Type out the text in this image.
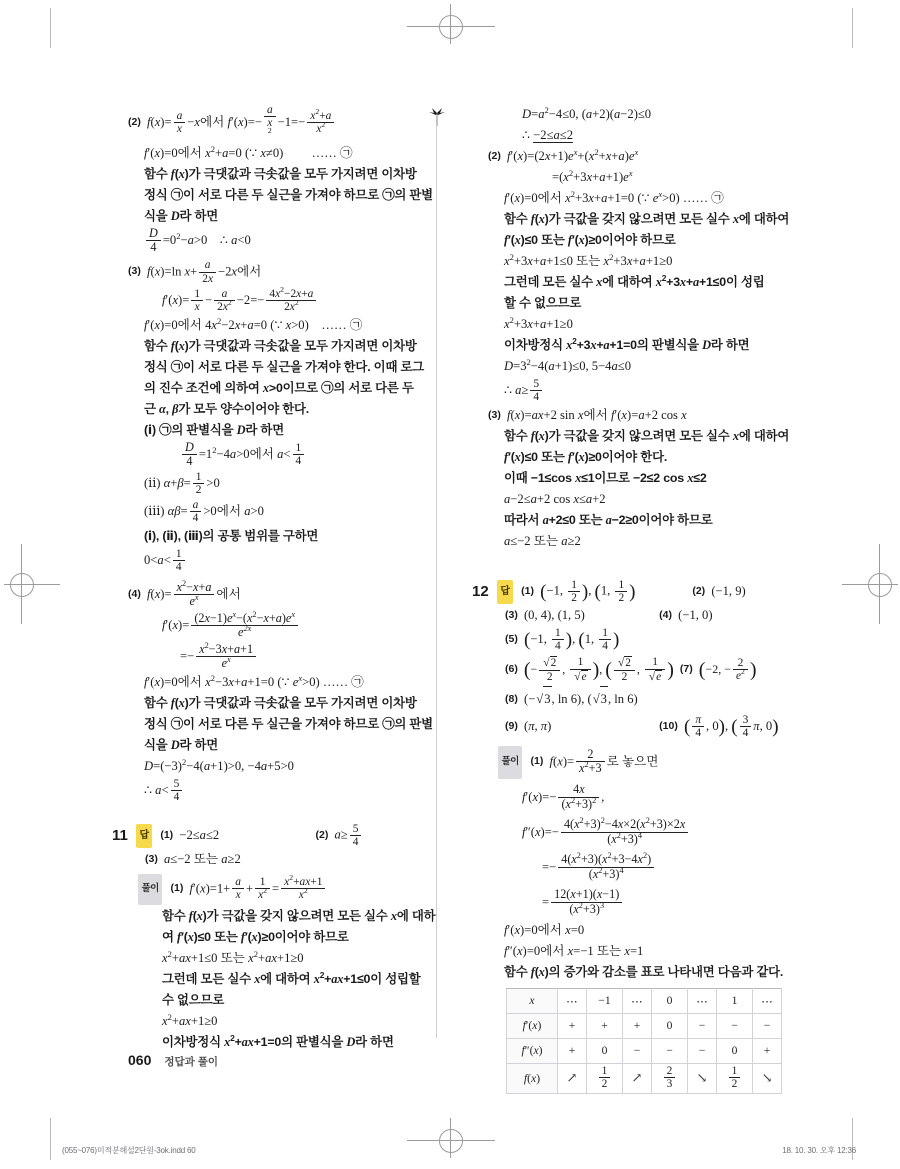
(2) $f(x)= \frac{a}{x} -x$에서 f′(x)=−
a
x
$^2-1=- \frac{x^2+a}{x^2}$
f′(x)=0에서 $x^2+a=0$ (∵ x≠0)         …… ㉠
함수 f(x)가 극댓값과 극솟값을 모두 가지려면 이차방
정식 ㉠이 서로 다른 두 실근을 가져야 하므로 ㉠의 판별
식을 D라 하면
$\frac{D}{4} =0^2-a>0$    ∴ a<0
(3) f(x)=ln $x+ \frac{a}{2x} -2x$에서
$f'(x)= \frac{1}{x} - \frac{a}{2x^2} -2=- \frac{4x^2-2x+a}{2x^2}$
f′(x)=0에서 $4x^2-2x+a=0$ (∵ x>0)    …… ㉠
함수 f(x)가 극댓값과 극솟값을 모두 가지려면 이차방
정식 ㉠이 서로 다른 두 실근을 가져야 한다. 이때 로그
의 진수 조건에 의하여 x>0이므로 ㉠의 서로 다른 두
근 α, β가 모두 양수이어야 한다.
(ⅰ) ㉠의 판별식을 D라 하면
$\frac{D}{4} =1^2-4a>0$에서 $a< \frac{1}{4}$
(ⅱ) $\alpha+\beta= \frac{1}{2} >0$
(ⅲ) $\alpha\beta= \frac{a}{4} >0$에서 a>0
(ⅰ), (ⅱ), (ⅲ)의 공통 범위를 구하면
$0<a< \frac{1}{4}$
(4) $f(x)= \frac{x^2-x+a}{e^x}$ 에서
$f'(x)= \frac{(2x-1)e^x-(x^2-x+a)e^x}{e^{2x}}$
=− $\frac{x^2-3x+a+1}{e^x}$
f′(x)=0에서 $x^2-3x+a+1=0$ (∵ $e^x>0$) …… ㉠
함수 f(x)가 극댓값과 극솟값을 모두 가지려면 이차방
정식 ㉠이 서로 다른 두 실근을 가져야 하므로 ㉠의 판별
식을 D라 하면
$D=(-3)^2-4(a+1)>0$, −4a+5>0
∴ $a< \frac{5}{4}$
11 답 (1) −2≤a≤2	(2) $a\ge \frac{5}{4}$
(3) a≤−2 또는 a≥2
풀이 (1) $f'(x)=1+ \frac{a}{x} + \frac{1}{x^2} = \frac{x^2+ax+1}{x^2}$
함수 f(x)가 극값을 갖지 않으려면 모든 실수 x에 대하
여 f′(x)≤0 또는 f′(x)≥0이어야 하므로
$x^2+ax+1\le 0$ 또는 $x^2+ax+1\ge 0$
그런데 모든 실수 x에 대하여 $x^2+ax+1\le 0$이 성립할
수 없으므로
$x^2+ax+1\ge 0$
이차방정식 $x^2+ax+1=0$의 판별식을 D라 하면
$D=a^2-4\le 0$, (a+2)(a−2)≤0
∴ −2≤a≤2
(2) $f'(x)=(2x+1)e^x+(x^2+x+a)e^x$
$=(x^2+3x+a+1)e^x$
f′(x)=0에서 $x^2+3x+a+1=0$ (∵ $e^x>0$) …… ㉠
함수 f(x)가 극값을 갖지 않으려면 모든 실수 x에 대하여
f′(x)≤0 또는 f′(x)≥0이어야 하므로
$x^2+3x+a+1\le 0$ 또는 $x^2+3x+a+1\ge 0$
그런데 모든 실수 x에 대하여 $x^2+3x+a+1\le 0$이 성립
할 수 없으므로
$x^2+3x+a+1\ge 0$
이차방정식 $x^2+3x+a+1=0$의 판별식을 D라 하면
$D=3^2-4(a+1)\le 0$, 5−4a≤0
∴ $a\ge \frac{5}{4}$
(3) f(x)=ax+2 sin x에서 f′(x)=a+2 cos x
함수 f(x)가 극값을 갖지 않으려면 모든 실수 x에 대하여
f′(x)≤0 또는 f′(x)≥0이어야 한다.
이때 −1≤cos x≤1이므로 −2≤2 cos x≤2
a−2≤a+2 cos x≤a+2
따라서 a+2≤0 또는 a−2≥0이어야 하므로
a≤−2 또는 a≥2
12 답 (1) (−1, $\frac{1}{2}$ ), (1, $\frac{1}{2}$ )	(2) (−1, 9)
(3) (0, 4), (1, 5)	(4) (−1, 0)
(5) (−1, $\frac{1}{4}$ ), (1, $\frac{1}{4}$ )
(6) (− $\frac{√2}{2}$ , $\frac{1}{√e}$ ), ( $\frac{√2}{2}$ , $\frac{1}{√e}$ ) (7) (−2, − $\frac{2}{e^2}$ )
(8) (−√3, ln 6), (√3, ln 6)
(9) (π, π)	(10) ( $\frac{\pi}{4}$ , 0), ( $\frac{3}{4} \pi$, 0)
풀이 (1) $f(x)= \frac{2}{x^2+3}$ 로 놓으면
$f'(x)=- \frac{4x}{(x^2+3)^2}$ ,
$f''(x)=- \frac{4(x^2+3)^2-4x\times 2(x^2+3)\times 2x}{(x^2+3)^4}$
=− $\frac{4(x^2+3)(x^2+3-4x^2)}{(x^2+3)^4}$
= $\frac{12(x+1)(x-1)}{(x^2+3)^3}$
f′(x)=0에서 x=0
f″(x)=0에서 x=−1 또는 x=1
함수 f(x)의 증가와 감소를 표로 나타내면 다음과 같다.
x	⋯	−1	⋯	0	⋯	1	⋯
f′(x)	+	+	+	0	−	−	−
f″(x)	+	0	−	−	−	0	+
f(x)	↗	$\frac{1}{2}$	↗	$\frac{2}{3}$	↘	$\frac{1}{2}$	↘
060 정답과 풀이
(055~076)미적분해설2단원-3ok.indd 60	18. 10. 30. 오후 12:36
